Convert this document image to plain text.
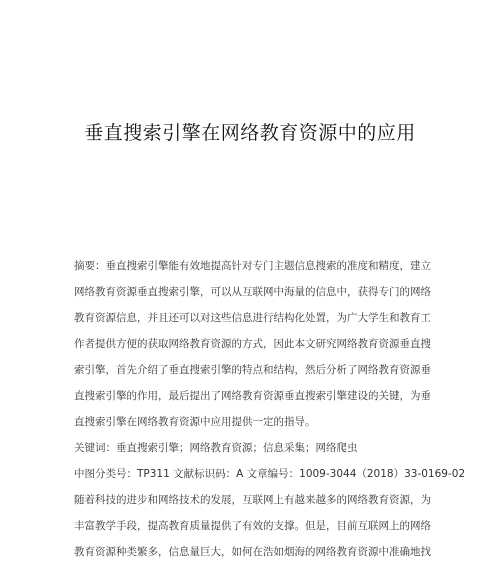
垂直搜索引擎在网络教育资源中的应用
摘要：垂直搜索引擎能有效地提高针对专门主题信息搜索的准度和精度，建立
网络教育资源垂直搜索引擎，可以从互联网中海量的信息中，获得专门的网络
教育资源信息，并且还可以对这些信息进行结构化处置，为广大学生和教育工
作者提供方便的获取网络教育资源的方式，因此本文研究网络教育资源垂直搜
索引擎，首先介绍了垂直搜索引擎的特点和结构，然后分析了网络教育资源垂
直搜索引擎的作用，最后提出了网络教育资源垂直搜索引擎建设的关键，为垂
直搜索引擎在网络教育资源中应用提供一定的指导。
关键词：垂直搜索引擎；网络教育资源；信息采集；网络爬虫
中图分类号：TP311 文献标识码：A 文章编号：1009-3044（2018）33-0169-02
随着科技的进步和网络技术的发展，互联网上有越来越多的网络教育资源，为
丰富教学手段，提高教育质量提供了有效的支撑。但是，目前互联网上的网络
教育资源种类繁多，信息量巨大，如何在浩如烟海的网络教育资源中准确地找
